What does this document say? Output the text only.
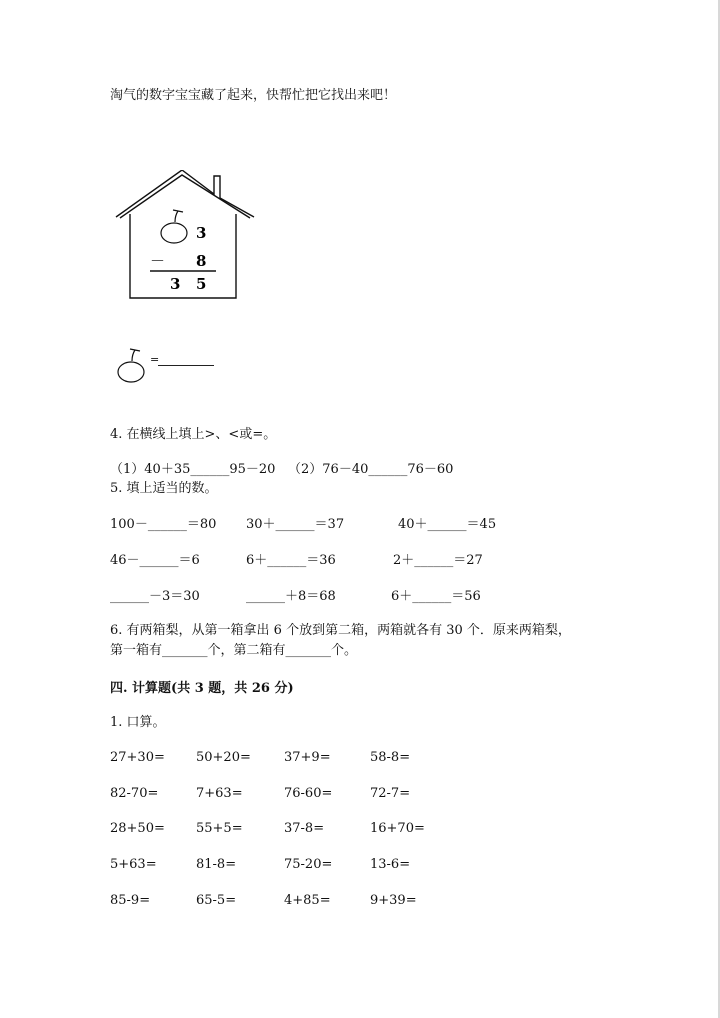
淘气的数字宝宝藏了起来，快帮忙把它找出来吧！
3
－ 8
3 5
=
4. 在横线上填上>、<或=。
（1）40＋35______95－20 （2）76－40______76－60
5. 填上适当的数。
100－______＝80 30＋______＝37	40＋______＝45
46－______＝6	6＋______＝36	2＋______＝27
______－3＝30	______＋8＝68	6＋______＝56
6. 有两箱梨，从第一箱拿出 6 个放到第二箱，两箱就各有 30 个．原来两箱梨，
第一箱有_______个，第二箱有_______个。
四. 计算题(共 3 题，共 26 分)
1. 口算。
27+30= 50+20=	37+9=	58-8=
82-70=	7+63=	76-60=	72-7=
28+50= 55+5=	37-8=	16+70=
5+63=	81-8=	75-20=	13-6=
85-9=	65-5=	4+85=	9+39=
